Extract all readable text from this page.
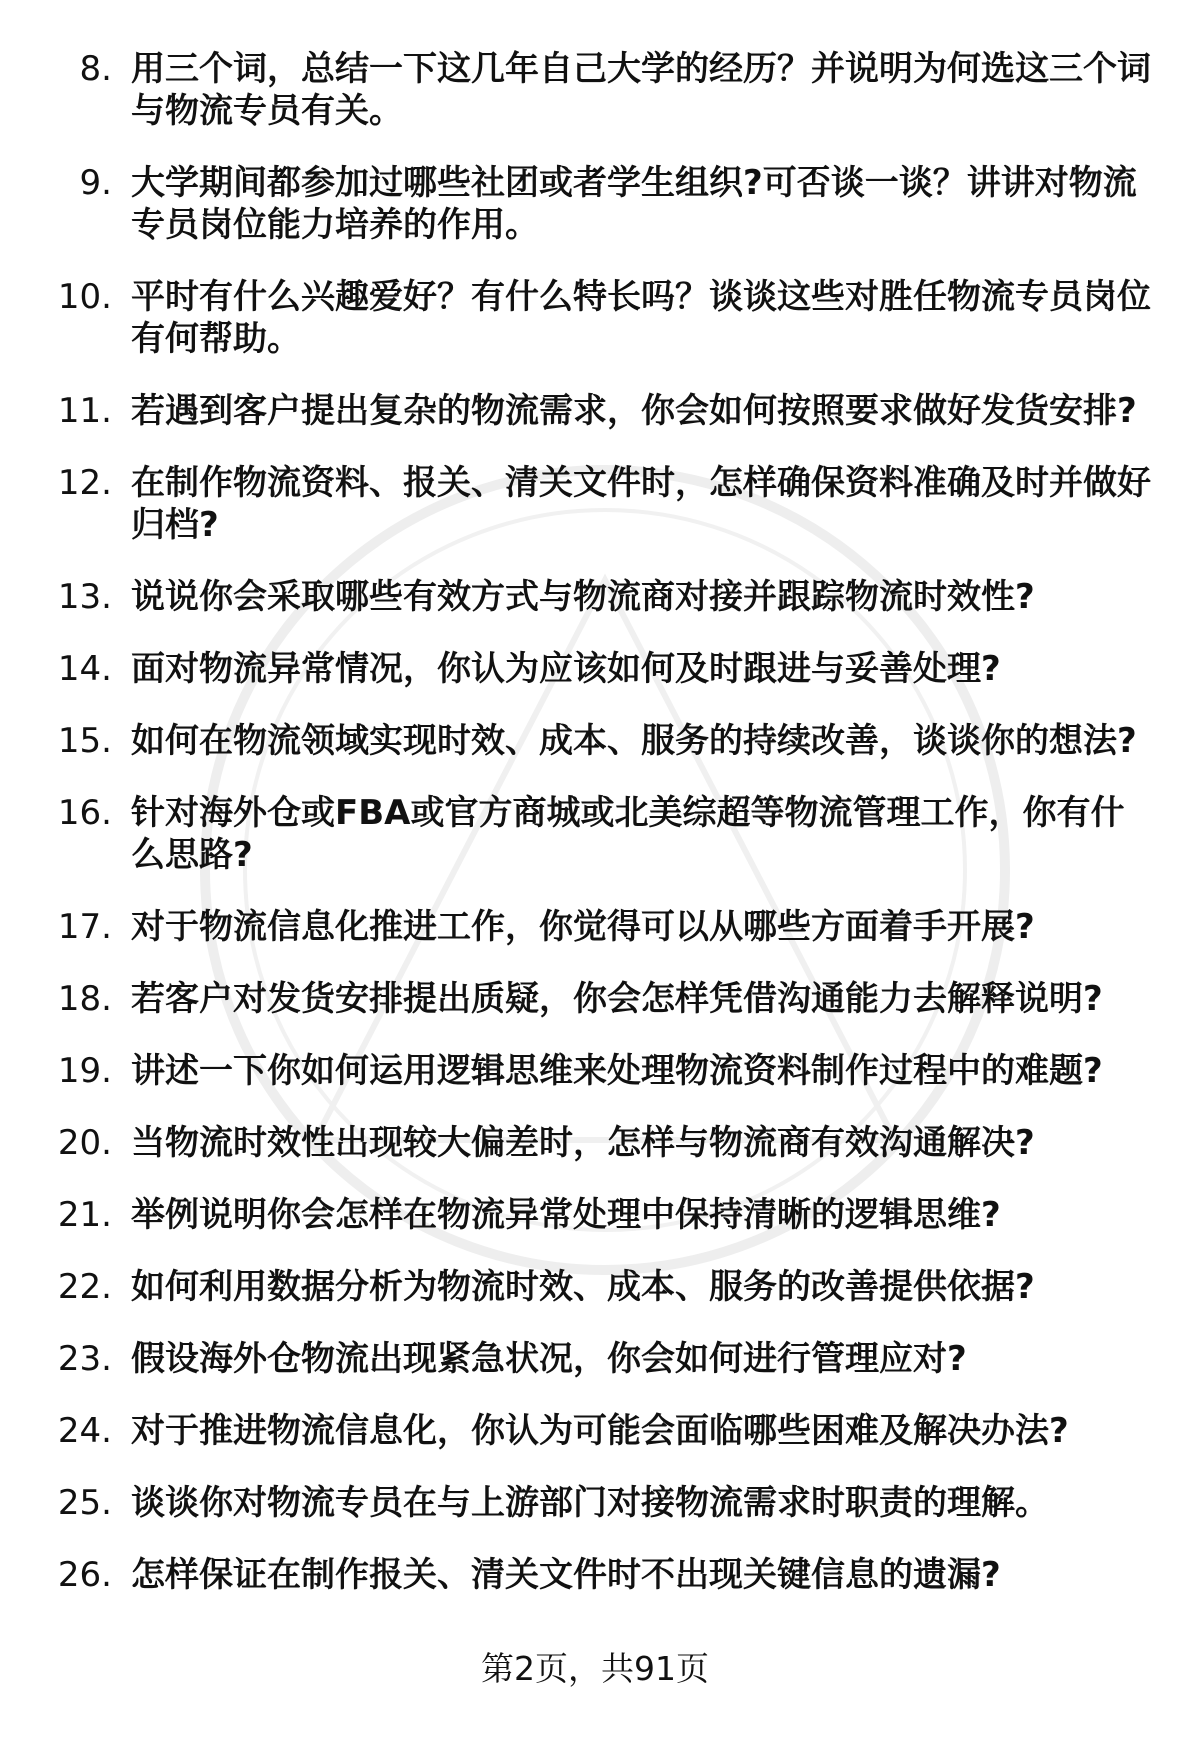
8. 用三个词，总结一下这几年自己大学的经历？并说明为何选这三个词与物流专员有关。
9. 大学期间都参加过哪些社团或者学生组织?可否谈一谈？讲讲对物流专员岗位能力培养的作用。
10. 平时有什么兴趣爱好？有什么特长吗？谈谈这些对胜任物流专员岗位有何帮助。
11. 若遇到客户提出复杂的物流需求，你会如何按照要求做好发货安排?
12. 在制作物流资料、报关、清关文件时，怎样确保资料准确及时并做好归档?
13. 说说你会采取哪些有效方式与物流商对接并跟踪物流时效性?
14. 面对物流异常情况，你认为应该如何及时跟进与妥善处理?
15. 如何在物流领域实现时效、成本、服务的持续改善，谈谈你的想法?
16. 针对海外仓或FBA或官方商城或北美综超等物流管理工作，你有什么思路?
17. 对于物流信息化推进工作，你觉得可以从哪些方面着手开展?
18. 若客户对发货安排提出质疑，你会怎样凭借沟通能力去解释说明?
19. 讲述一下你如何运用逻辑思维来处理物流资料制作过程中的难题?
20. 当物流时效性出现较大偏差时，怎样与物流商有效沟通解决?
21. 举例说明你会怎样在物流异常处理中保持清晰的逻辑思维?
22. 如何利用数据分析为物流时效、成本、服务的改善提供依据?
23. 假设海外仓物流出现紧急状况，你会如何进行管理应对?
24. 对于推进物流信息化，你认为可能会面临哪些困难及解决办法?
25. 谈谈你对物流专员在与上游部门对接物流需求时职责的理解。
26. 怎样保证在制作报关、清关文件时不出现关键信息的遗漏?
第2页，共91页
